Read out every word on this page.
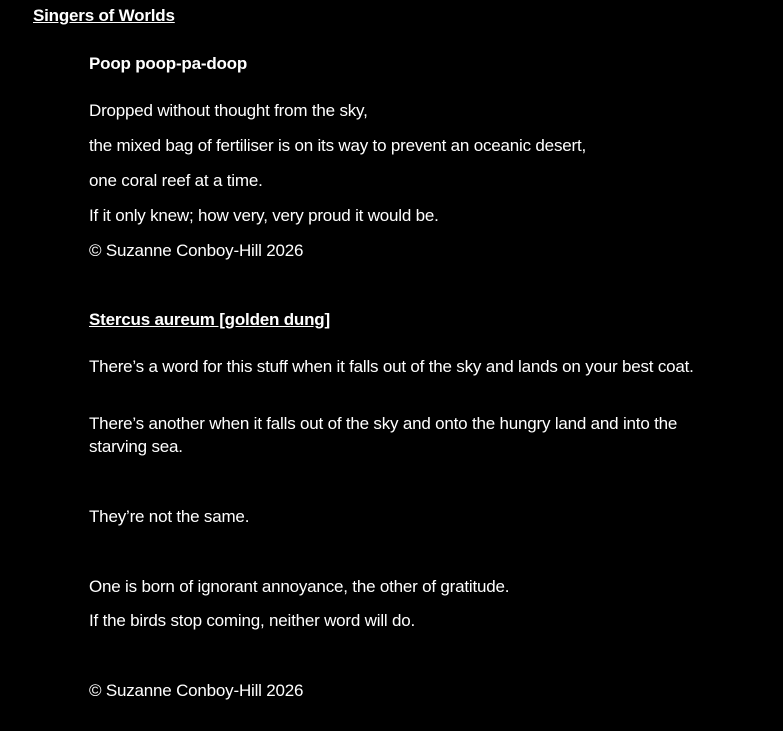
Singers of Worlds
Poop poop-pa-doop
Dropped without thought from the sky,
the mixed bag of fertiliser is on its way to prevent an oceanic desert,
one coral reef at a time.
If it only knew; how very, very proud it would be.
© Suzanne Conboy-Hill 2026
Stercus aureum [golden dung]
There’s a word for this stuff when it falls out of the sky and lands on your best coat.
There’s another when it falls out of the sky and onto the hungry land and into the starving sea.
They’re not the same.
One is born of ignorant annoyance, the other of gratitude.
If the birds stop coming, neither word will do.
© Suzanne Conboy-Hill 2026
